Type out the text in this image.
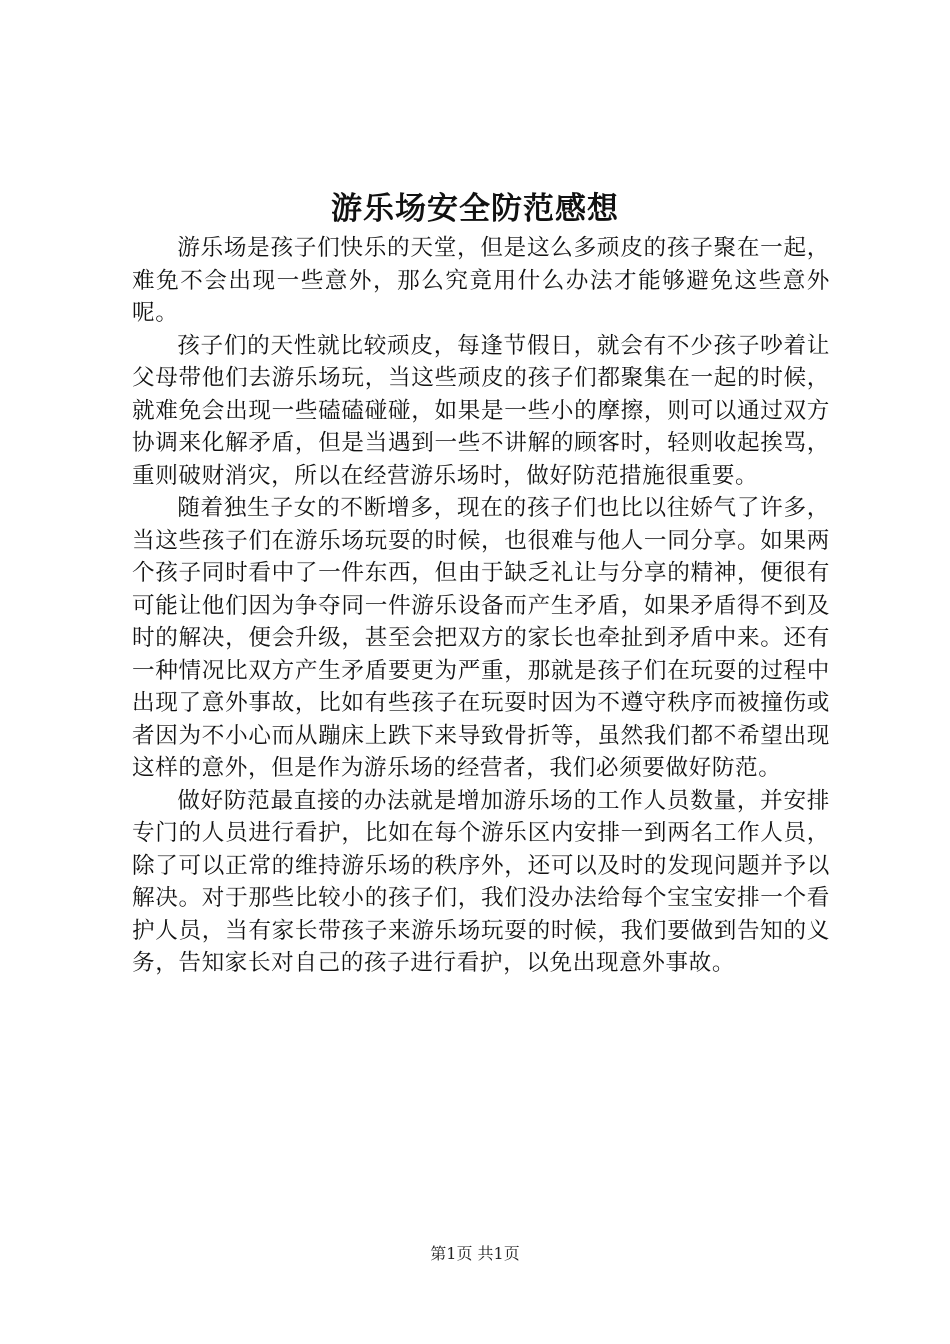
游乐场安全防范感想

游乐场是孩子们快乐的天堂，但是这么多顽皮的孩子聚在一起，难免不会出现一些意外，那么究竟用什么办法才能够避免这些意外呢。

孩子们的天性就比较顽皮，每逢节假日，就会有不少孩子吵着让父母带他们去游乐场玩，当这些顽皮的孩子们都聚集在一起的时候，就难免会出现一些磕磕碰碰，如果是一些小的摩擦，则可以通过双方协调来化解矛盾，但是当遇到一些不讲解的顾客时，轻则收起挨骂，重则破财消灾，所以在经营游乐场时，做好防范措施很重要。

随着独生子女的不断增多，现在的孩子们也比以往娇气了许多，当这些孩子们在游乐场玩耍的时候，也很难与他人一同分享。如果两个孩子同时看中了一件东西，但由于缺乏礼让与分享的精神，便很有可能让他们因为争夺同一件游乐设备而产生矛盾，如果矛盾得不到及时的解决，便会升级，甚至会把双方的家长也牵扯到矛盾中来。还有一种情况比双方产生矛盾要更为严重，那就是孩子们在玩耍的过程中出现了意外事故，比如有些孩子在玩耍时因为不遵守秩序而被撞伤或者因为不小心而从蹦床上跌下来导致骨折等，虽然我们都不希望出现这样的意外，但是作为游乐场的经营者，我们必须要做好防范。

做好防范最直接的办法就是增加游乐场的工作人员数量，并安排专门的人员进行看护，比如在每个游乐区内安排一到两名工作人员，除了可以正常的维持游乐场的秩序外，还可以及时的发现问题并予以解决。对于那些比较小的孩子们，我们没办法给每个宝宝安排一个看护人员，当有家长带孩子来游乐场玩耍的时候，我们要做到告知的义务，告知家长对自己的孩子进行看护，以免出现意外事故。

第1页 共1页
